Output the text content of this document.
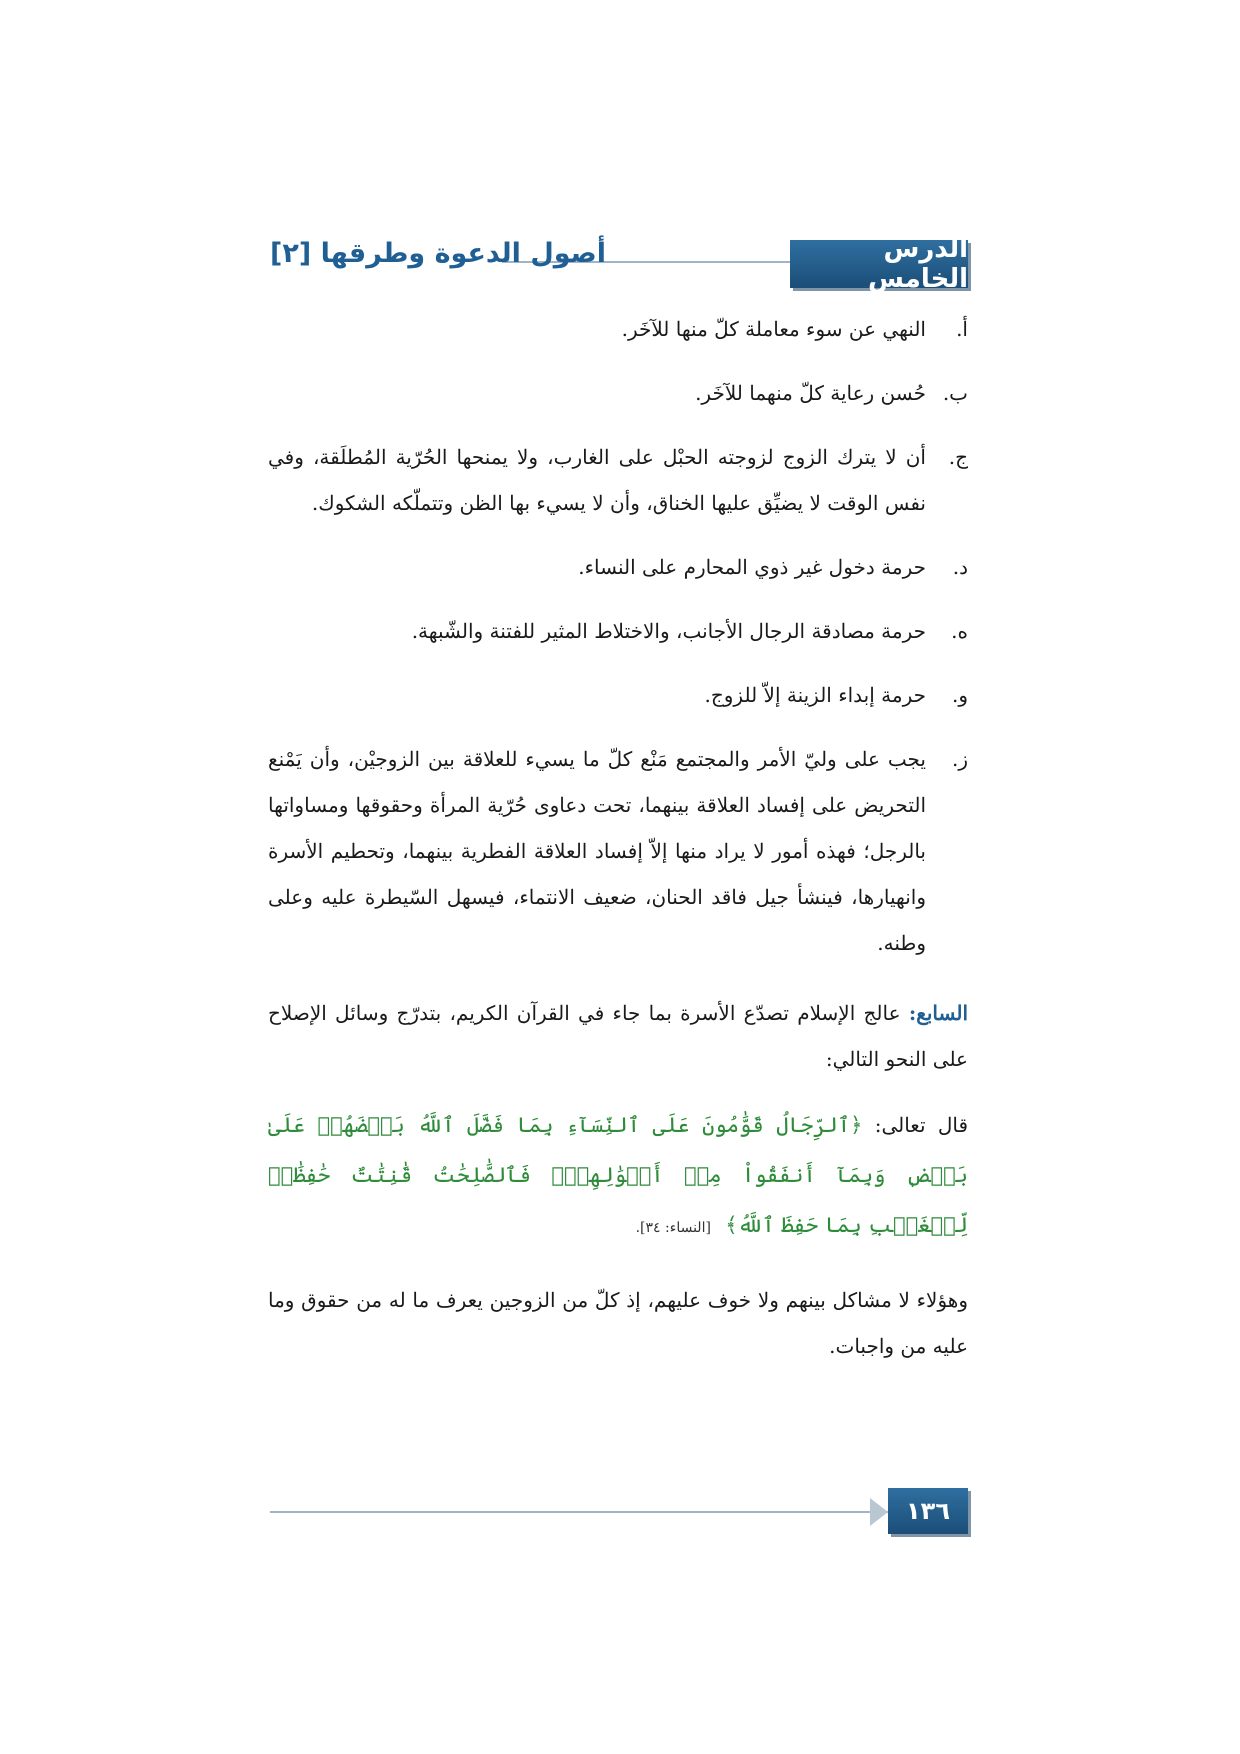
أصول الدعوة وطرقها [٢]	الدرس الخامس
أ.
النهي عن سوء معاملة كلّ منها للآخَر.
ب.
حُسن رعاية كلّ منهما للآخَر.
ج.
أن لا يترك الزوج لزوجته الحبْل على الغارب، ولا يمنحها الحُرّية المُطلَقة، وفي نفس الوقت لا يضيِّق عليها الخناق، وأن لا يسيء بها الظن وتتملّكه الشكوك.
د.
حرمة دخول غير ذوي المحارم على النساء.
ه.
حرمة مصادقة الرجال الأجانب، والاختلاط المثير للفتنة والشّبهة.
و.
حرمة إبداء الزينة إلاّ للزوج.
ز.
يجب على وليّ الأمر والمجتمع مَنْع كلّ ما يسيء للعلاقة بين الزوجيْن، وأن يَمْنع التحريض على إفساد العلاقة بينهما، تحت دعاوى حُرّية المرأة وحقوقها ومساواتها بالرجل؛ فهذه أمور لا يراد منها إلاّ إفساد العلاقة الفطرية بينهما، وتحطيم الأسرة وانهيارها، فينشأ جيل فاقد الحنان، ضعيف الانتماء، فيسهل السّيطرة عليه وعلى وطنه.
السابع: عالج الإسلام تصدّع الأسرة بما جاء في القرآن الكريم، بتدرّج وسائل الإصلاح على النحو التالي:
قال تعالى: ﴿ٱلرِّجَالُ قَوَّٰمُونَ عَلَى ٱلنِّسَآءِ بِمَا فَضَّلَ ٱللَّهُ بَعۡضَهُمۡ عَلَىٰ بَعۡضٖ وَبِمَآ أَنفَقُواْ مِنۡ أَمۡوَٰلِهِمۡۚ فَٱلصَّٰلِحَٰتُ قَٰنِتَٰتٌ حَٰفِظَٰتٞ لِّلۡغَيۡبِ بِمَا حَفِظَ ٱللَّهُ﴾ [النساء: ٣٤].
وهؤلاء لا مشاكل بينهم ولا خوف عليهم، إذ كلّ من الزوجين يعرف ما له من حقوق وما عليه من واجبات.
١٣٦
